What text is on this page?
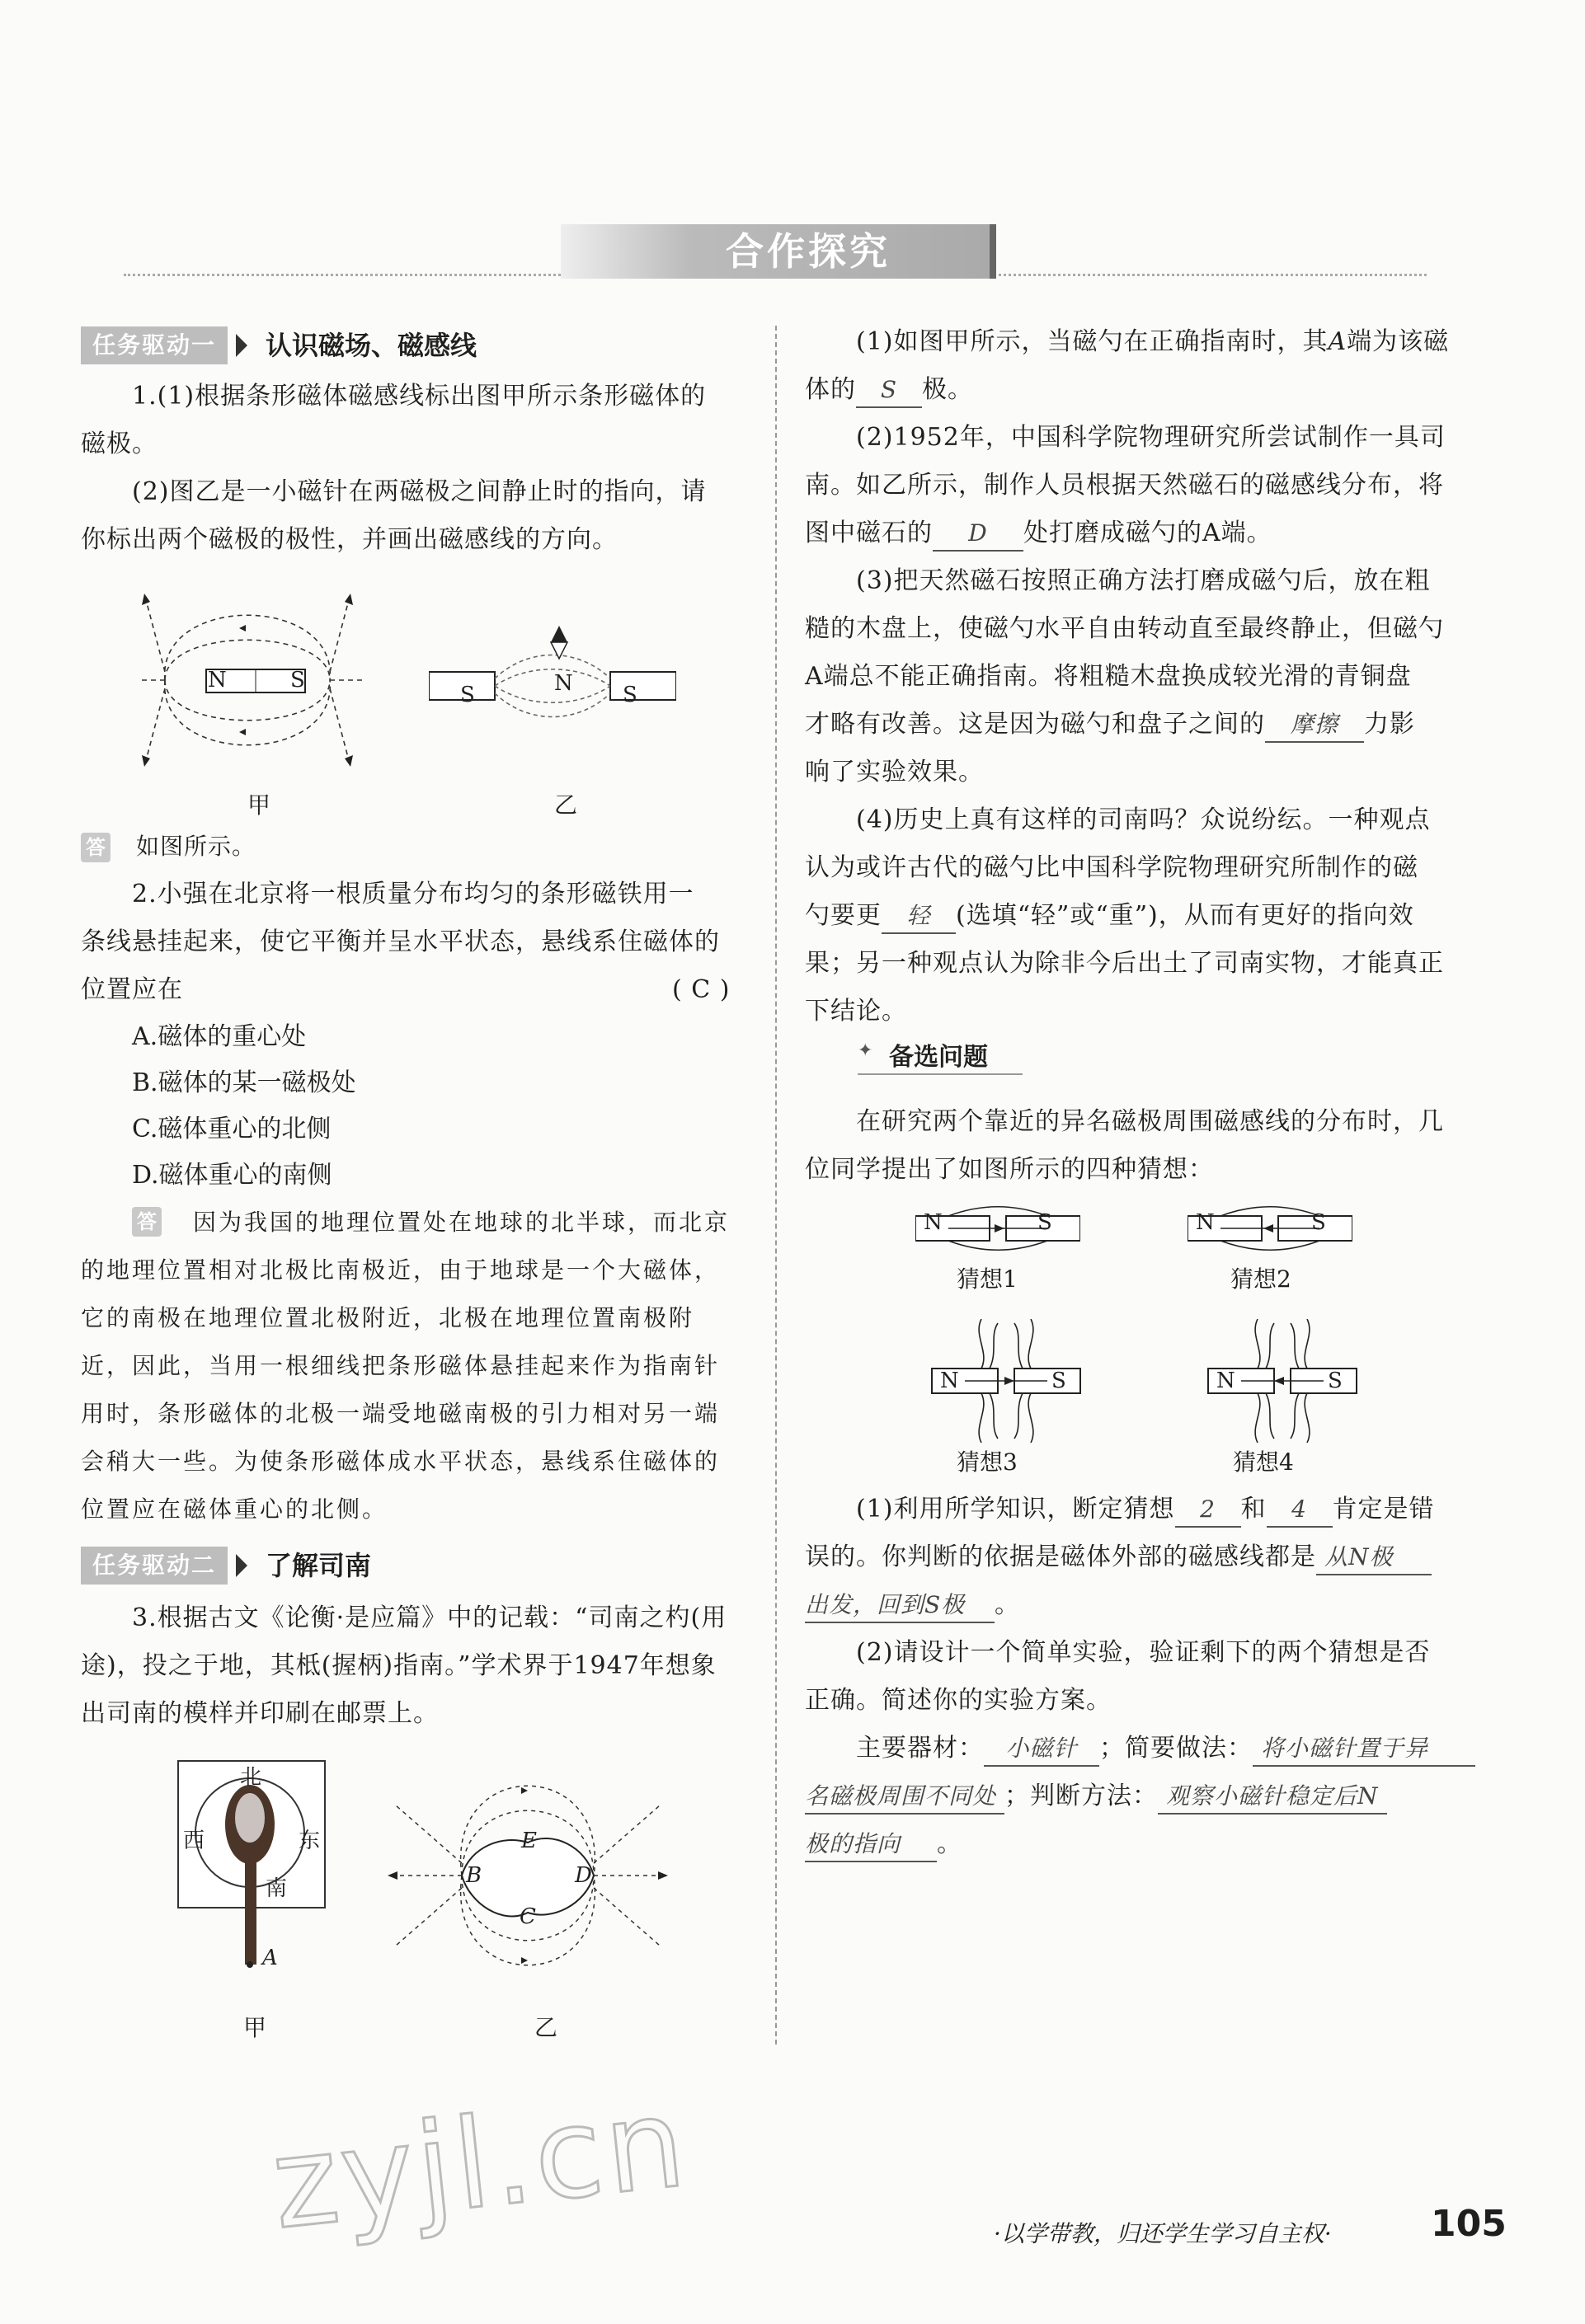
合作探究
任务驱动一	认识磁场、磁感线
1.(1)根据条形磁体磁感线标出图甲所示条形磁体的
磁极。
(2)图乙是一小磁针在两磁极之间静止时的指向，请
你标出两个磁极的极性，并画出磁感线的方向。
N	S
甲
S	S
N
乙
答 如图所示。
2.小强在北京将一根质量分布均匀的条形磁铁用一
条线悬挂起来，使它平衡并呈水平状态，悬线系住磁体的
位置应在	( C )
A.磁体的重心处
B.磁体的某一磁极处
C.磁体重心的北侧
D.磁体重心的南侧
答 因为我国的地理位置处在地球的北半球，而北京
的地理位置相对北极比南极近，由于地球是一个大磁体，
它的南极在地理位置北极附近，北极在地理位置南极附
近，因此，当用一根细线把条形磁体悬挂起来作为指南针
用时，条形磁体的北极一端受地磁南极的引力相对另一端
会稍大一些。为使条形磁体成水平状态，悬线系住磁体的
位置应在磁体重心的北侧。
任务驱动二	了解司南
3.根据古文《论衡·是应篇》中的记载：“司南之杓(用
途)，投之于地，其柢(握柄)指南。”学术界于1947年想象
出司南的模样并印刷在邮票上。
北
西	东
南
A
甲
B
C
D
E
乙
(1)如图甲所示，当磁勺在正确指南时，其A端为该磁
体的 S 极。
(2)1952年，中国科学院物理研究所尝试制作一具司
南。如乙所示，制作人员根据天然磁石的磁感线分布，将
图中磁石的 D 处打磨成磁勺的A端。
(3)把天然磁石按照正确方法打磨成磁勺后，放在粗
糙的木盘上，使磁勺水平自由转动直至最终静止，但磁勺
A端总不能正确指南。将粗糙木盘换成较光滑的青铜盘
才略有改善。这是因为磁勺和盘子之间的 摩擦 力影
响了实验效果。
(4)历史上真有这样的司南吗？众说纷纭。一种观点
认为或许古代的磁勺比中国科学院物理研究所制作的磁
勺要更 轻 (选填“轻”或“重”)，从而有更好的指向效
果；另一种观点认为除非今后出土了司南实物，才能真正
下结论。
✦ 备选问题
在研究两个靠近的异名磁极周围磁感线的分布时，几
位同学提出了如图所示的四种猜想：
N	S
猜想1
N	S
猜想2
N	S
猜想3
N	S
猜想4
(1)利用所学知识，断定猜想 2 和 4 肯定是错
误的。你判断的依据是磁体外部的磁感线都是 从N极
出发，回到S极 。
(2)请设计一个简单实验，验证剩下的两个猜想是否
正确。简述你的实验方案。
主要器材： 小磁针 ；简要做法： 将小磁针置于异
名磁极周围不同处 ；判断方法： 观察小磁针稳定后N
极的指向 。
zyjl.cn	·以学带教，归还学生学习自主权·	105
